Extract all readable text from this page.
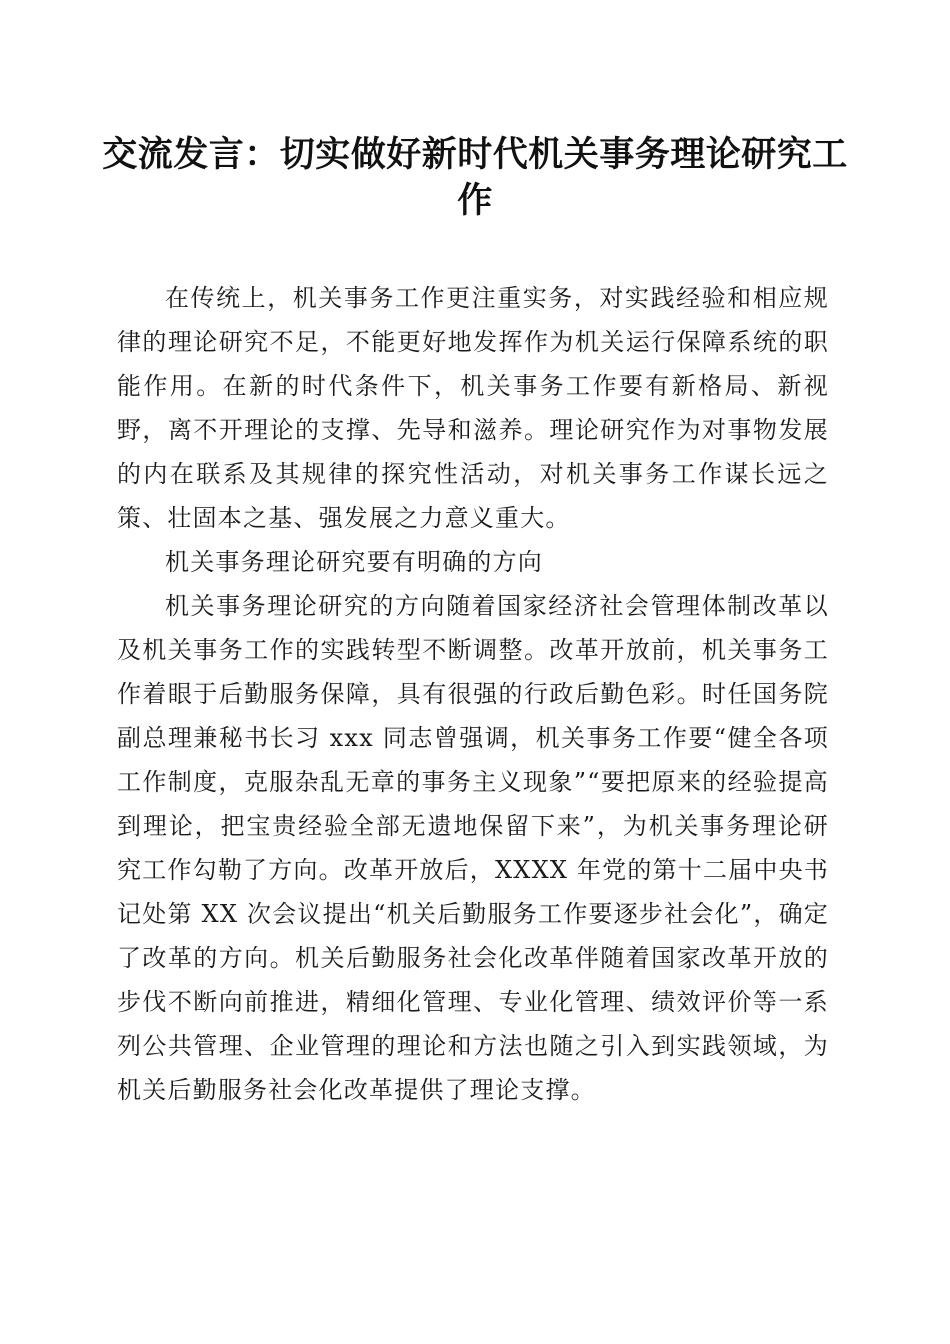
交流发言：切实做好新时代机关事务理论研究工作

在传统上，机关事务工作更注重实务，对实践经验和相应规律的理论研究不足，不能更好地发挥作为机关运行保障系统的职能作用。在新的时代条件下，机关事务工作要有新格局、新视野，离不开理论的支撑、先导和滋养。理论研究作为对事物发展的内在联系及其规律的探究性活动，对机关事务工作谋长远之策、壮固本之基、强发展之力意义重大。

机关事务理论研究要有明确的方向

机关事务理论研究的方向随着国家经济社会管理体制改革以及机关事务工作的实践转型不断调整。改革开放前，机关事务工作着眼于后勤服务保障，具有很强的行政后勤色彩。时任国务院副总理兼秘书长习 xxx 同志曾强调，机关事务工作要“健全各项工作制度，克服杂乱无章的事务主义现象”“要把原来的经验提高到理论，把宝贵经验全部无遗地保留下来”，为机关事务理论研究工作勾勒了方向。改革开放后，XXXX 年党的第十二届中央书记处第 XX 次会议提出“机关后勤服务工作要逐步社会化”，确定了改革的方向。机关后勤服务社会化改革伴随着国家改革开放的步伐不断向前推进，精细化管理、专业化管理、绩效评价等一系列公共管理、企业管理的理论和方法也随之引入到实践领域，为机关后勤服务社会化改革提供了理论支撑。
